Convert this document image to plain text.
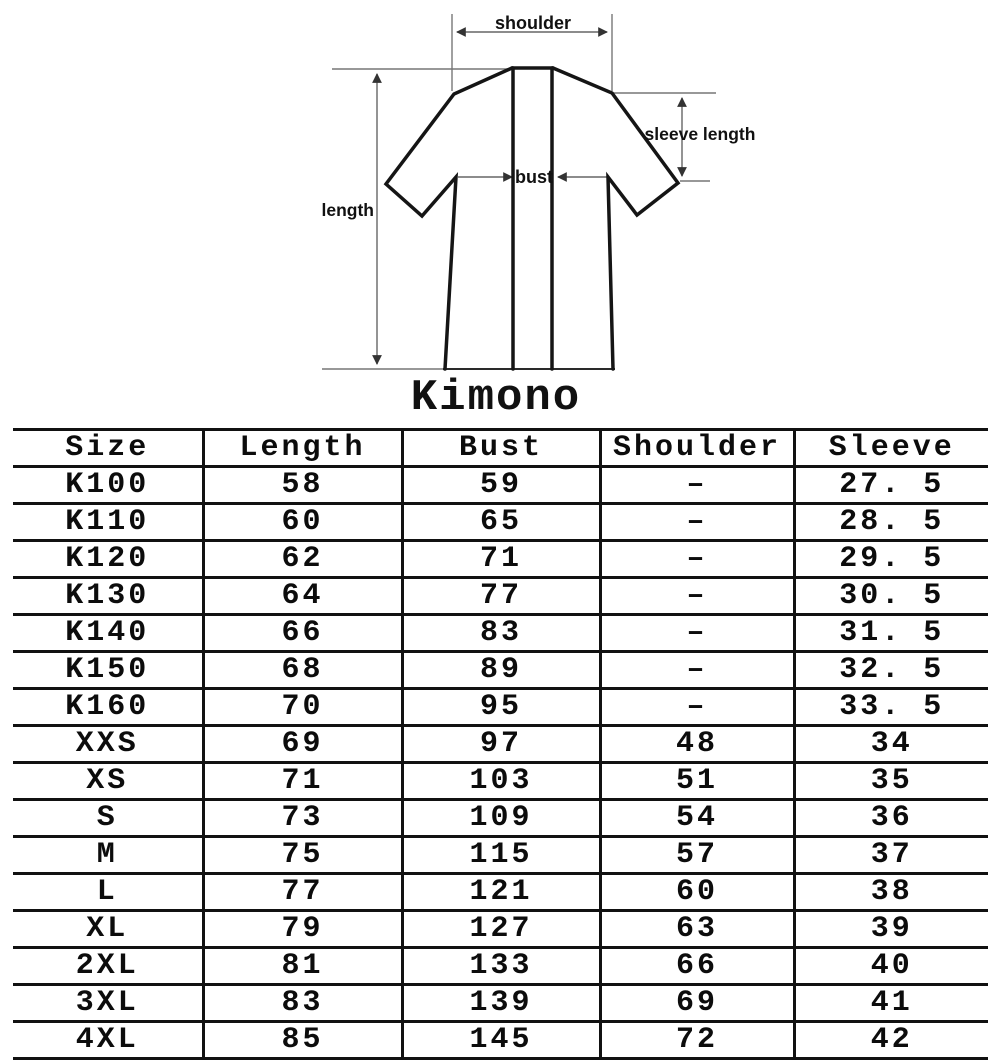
shoulder
sleeve length
length
bust
Kimono
Size	Length	Bust	Shoulder	Sleeve
K100	58	59	–	27. 5
K110	60	65	–	28. 5
K120	62	71	–	29. 5
K130	64	77	–	30. 5
K140	66	83	–	31. 5
K150	68	89	–	32. 5
K160	70	95	–	33. 5
XXS	69	97	48	34
XS	71	103	51	35
S	73	109	54	36
M	75	115	57	37
L	77	121	60	38
XL	79	127	63	39
2XL	81	133	66	40
3XL	83	139	69	41
4XL	85	145	72	42
